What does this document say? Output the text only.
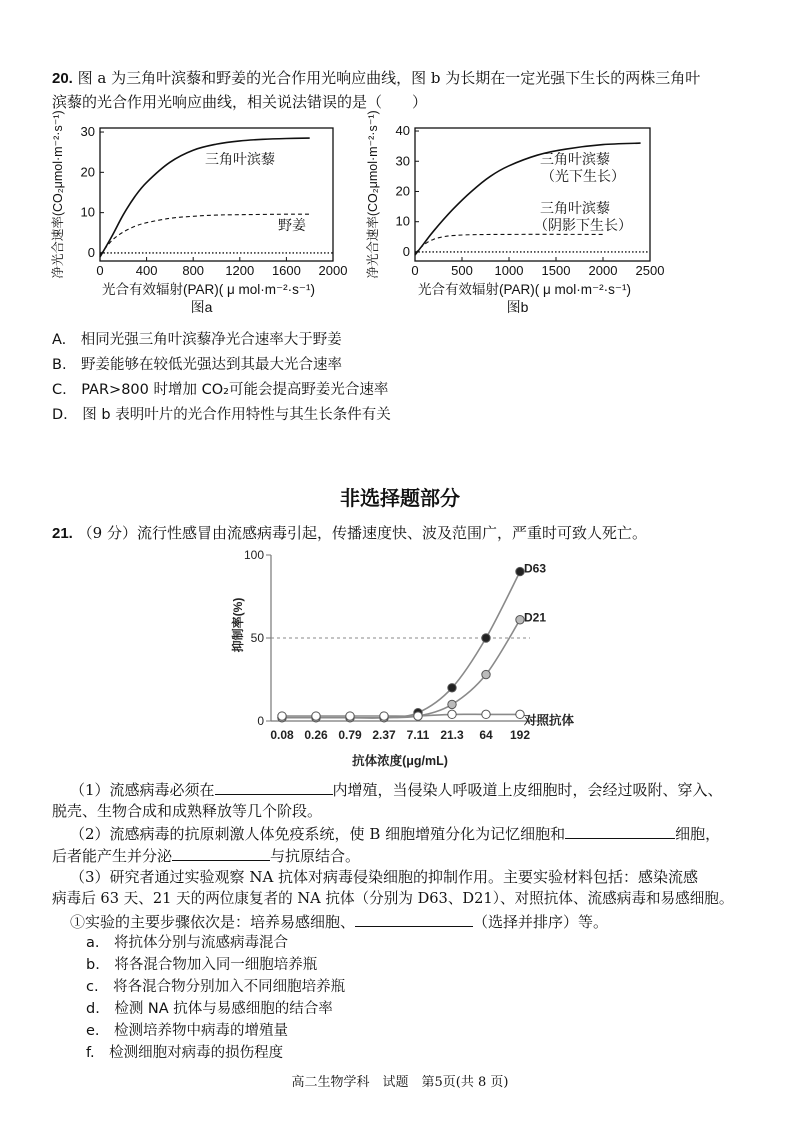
20. 图 a 为三角叶滨藜和野姜的光合作用光响应曲线，图 b 为长期在一定光强下生长的两株三角叶
滨藜的光合作用光响应曲线，相关说法错误的是（　　）
0 400 800 1200 1600 2000
0
10
20
30
三角叶滨藜
野姜
净光合速率(CO₂μmol·m⁻²·s⁻¹)
光合有效辐射(PAR)( μ mol·m⁻²·s⁻¹)
图a
0	500 1000 1500 2000 2500
0
10
20
30
40
三角叶滨藜
（光下生长）
三角叶滨藜
（阴影下生长）
净光合速率(CO₂μmol·m⁻²·s⁻¹)
光合有效辐射(PAR)( μ mol·m⁻²·s⁻¹)
图b
A.　相同光强三角叶滨藜净光合速率大于野姜
B.　野姜能够在较低光强达到其最大光合速率
C.　PAR>800 时增加 CO₂可能会提高野姜光合速率
D.　图 b 表明叶片的光合作用特性与其生长条件有关
非选择题部分
21. （9 分）流行性感冒由流感病毒引起，传播速度快、波及范围广，严重时可致人死亡。
0
50
100
0.08 0.26 0.79 2.37 7.11 21.3 64 192
D63
D21
对照抗体
抑制率(%)
抗体浓度(μg/mL)
（1）流感病毒必须在	内增殖，当侵染人呼吸道上皮细胞时，会经过吸附、穿入、
脱壳、生物合成和成熟释放等几个阶段。
（2）流感病毒的抗原刺激人体免疫系统，使 B 细胞增殖分化为记忆细胞和	细胞，
后者能产生并分泌	与抗原结合。
（3）研究者通过实验观察 NA 抗体对病毒侵染细胞的抑制作用。主要实验材料包括：感染流感
病毒后 63 天、21 天的两位康复者的 NA 抗体（分别为 D63、D21）、对照抗体、流感病毒和易感细胞。
①实验的主要步骤依次是：培养易感细胞、	（选择并排序）等。
a.　将抗体分别与流感病毒混合
b.　将各混合物加入同一细胞培养瓶
c.　将各混合物分别加入不同细胞培养瓶
d.　检测 NA 抗体与易感细胞的结合率
e.　检测培养物中病毒的增殖量
f.　检测细胞对病毒的损伤程度
高二生物学科　试题　第5页(共 8 页)
